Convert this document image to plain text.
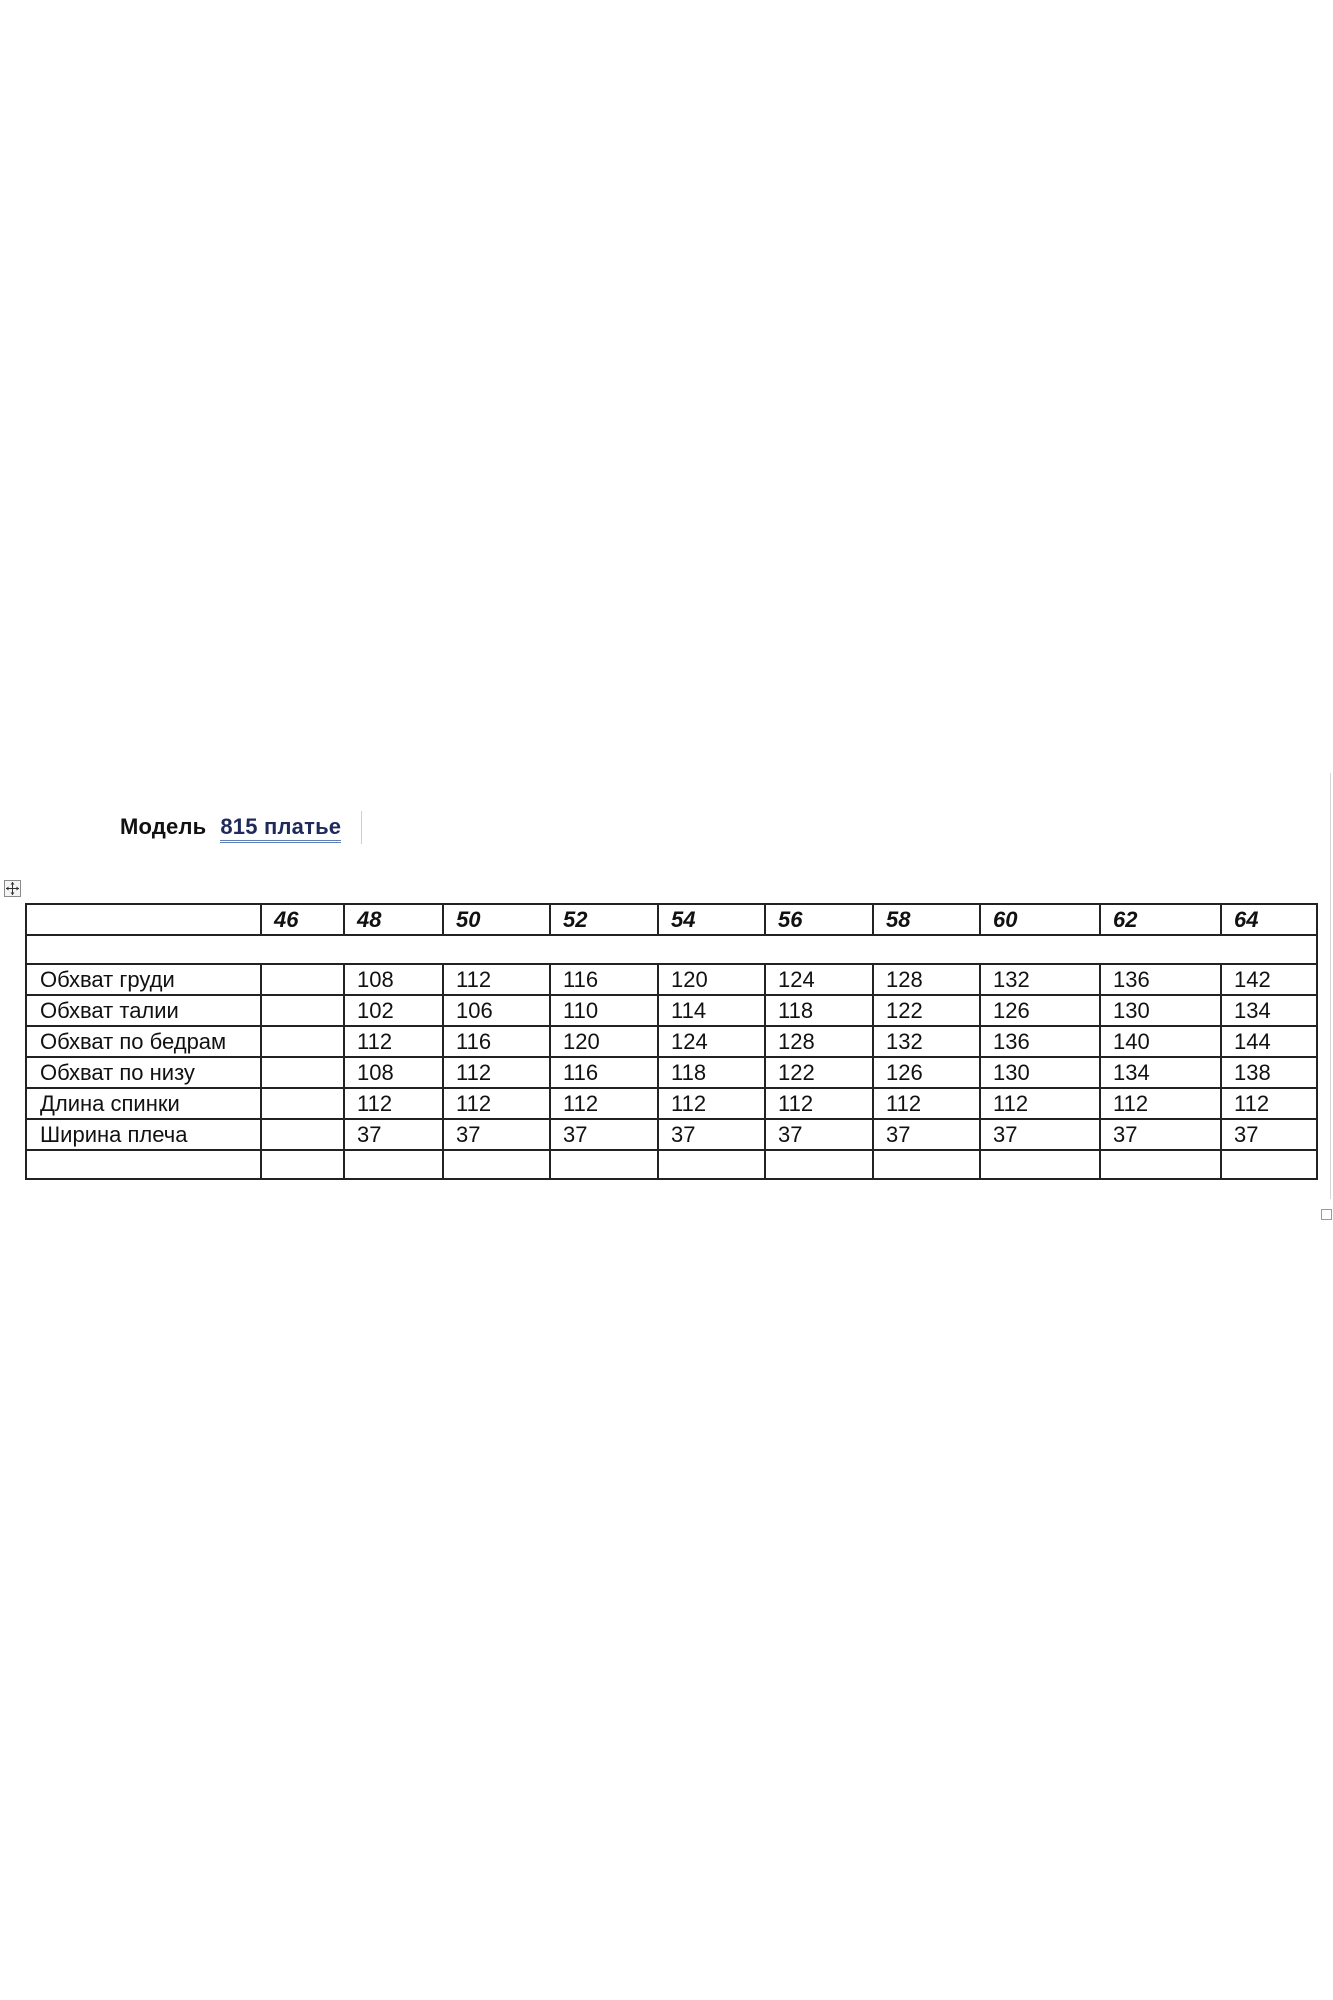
Модель 815 платье
	46	48	50	52	54	56	58	60	62	64

Обхват груди		108	112	116	120	124	128	132	136	142
Обхват талии		102	106	110	114	118	122	126	130	134
Обхват по бедрам		112	116	120	124	128	132	136	140	144
Обхват по низу		108	112	116	118	122	126	130	134	138
Длина спинки		112	112	112	112	112	112	112	112	112
Ширина плеча		37	37	37	37	37	37	37	37	37
